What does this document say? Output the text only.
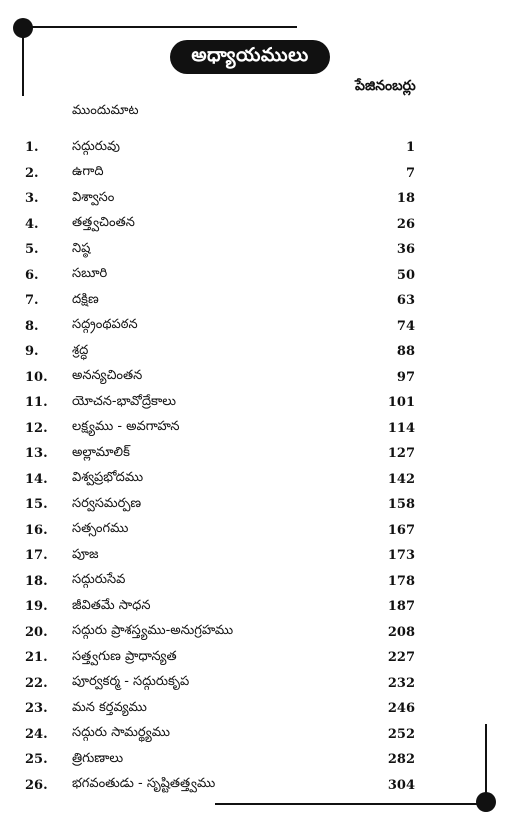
అధ్యాయములు
పేజినంబర్లు
ముందుమాట
1.	సద్గురువు	1
2.	ఉగాది	7
3.	విశ్వాసం	18
4.	తత్త్వచింతన	26
5.	నిష్ఠ	36
6.	సబూరి	50
7.	దక్షిణ	63
8.	సద్గ్రంథపఠన	74
9.	శ్రద్ధ	88
10.	అనన్యచింతన	97
11.	యోచన-భావోద్రేకాలు	101
12.	లక్ష్యము - అవగాహన	114
13.	అల్లామాలిక్	127
14.	విశ్వప్రభోదము	142
15.	సర్వసమర్పణ	158
16.	సత్సంగము	167
17.	పూజ	173
18.	సద్గురుసేవ	178
19.	జీవితమే సాధన	187
20.	సద్గురు ప్రాశస్త్యము-అనుగ్రహము	208
21.	సత్త్వగుణ ప్రాధాన్యత	227
22.	పూర్వకర్మ - సద్గురుకృప	232
23.	మన కర్తవ్యము	246
24.	సద్గురు సామర్థ్యము	252
25.	త్రిగుణాలు	282
26.	భగవంతుడు - సృష్టితత్త్వము	304
